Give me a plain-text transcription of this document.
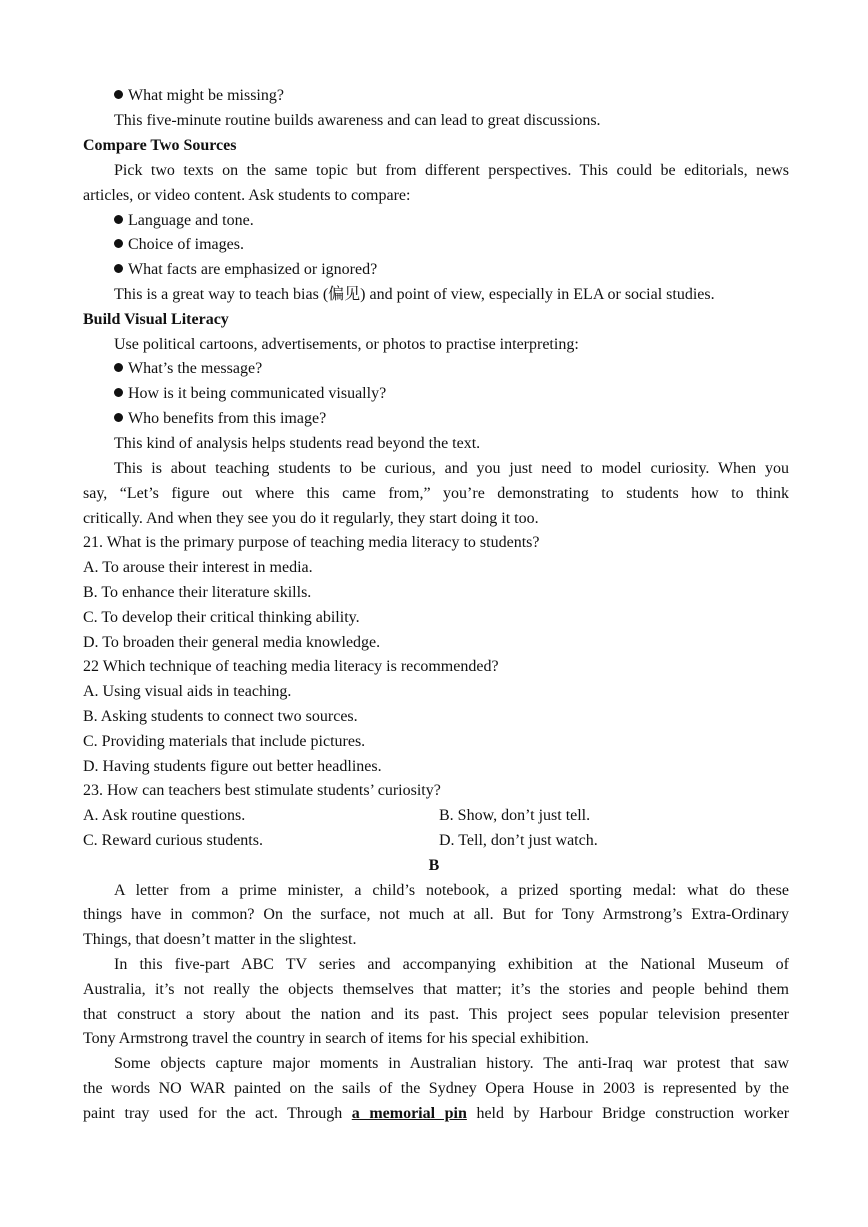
What might be missing?
This five-minute routine builds awareness and can lead to great discussions.
Compare Two Sources
Pick two texts on the same topic but from different perspectives. This could be editorials, news
articles, or video content. Ask students to compare:
Language and tone.
Choice of images.
What facts are emphasized or ignored?
This is a great way to teach bias (偏见) and point of view, especially in ELA or social studies.
Build Visual Literacy
Use political cartoons, advertisements, or photos to practise interpreting:
What’s the message?
How is it being communicated visually?
Who benefits from this image?
This kind of analysis helps students read beyond the text.
This is about teaching students to be curious, and you just need to model curiosity. When you
say, “Let’s figure out where this came from,” you’re demonstrating to students how to think
critically. And when they see you do it regularly, they start doing it too.
21. What is the primary purpose of teaching media literacy to students?
A. To arouse their interest in media.
B. To enhance their literature skills.
C. To develop their critical thinking ability.
D. To broaden their general media knowledge.
22 Which technique of teaching media literacy is recommended?
A. Using visual aids in teaching.
B. Asking students to connect two sources.
C. Providing materials that include pictures.
D. Having students figure out better headlines.
23. How can teachers best stimulate students’ curiosity?
A. Ask routine questions.	B. Show, don’t just tell.
C. Reward curious students.	D. Tell, don’t just watch.
B
A letter from a prime minister, a child’s notebook, a prized sporting medal: what do these
things have in common? On the surface, not much at all. But for Tony Armstrong’s Extra-Ordinary
Things, that doesn’t matter in the slightest.
In this five-part ABC TV series and accompanying exhibition at the National Museum of
Australia, it’s not really the objects themselves that matter; it’s the stories and people behind them
that construct a story about the nation and its past. This project sees popular television presenter
Tony Armstrong travel the country in search of items for his special exhibition.
Some objects capture major moments in Australian history. The anti-Iraq war protest that saw
the words NO WAR painted on the sails of the Sydney Opera House in 2003 is represented by the
paint tray used for the act. Through a memorial pin held by Harbour Bridge construction worker
